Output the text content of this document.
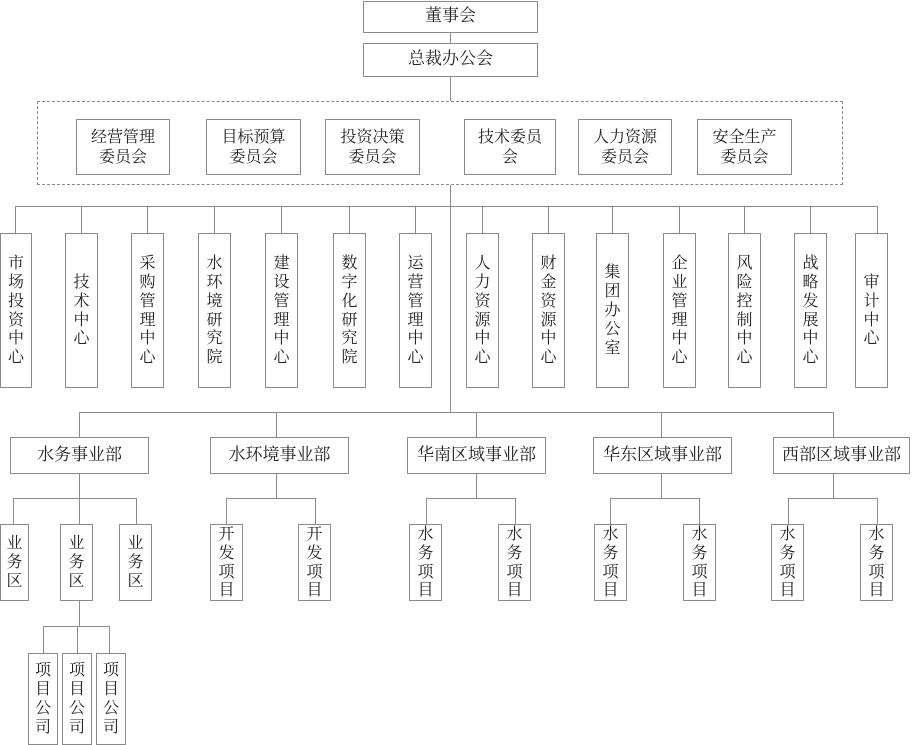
董事会
总裁办公会
经营管理委员会
目标预算委员会
投资决策委员会
技术委员会
人力资源委员会
安全生产委员会
市场投资中心
技术中心
采购管理中心
水环境研究院
建设管理中心
数字化研究院
运营管理中心
人力资源中心
财金资源中心
集团办公室
企业管理中心
风险控制中心
战略发展中心
审计中心
水务事业部	水环境事业部	华南区域事业部	华东区域事业部	西部区域事业部
业务区
业务区
业务区
开发项目
开发项目
水务项目
水务项目
水务项目
水务项目
水务项目
水务项目
项目公司
项目公司
项目公司
